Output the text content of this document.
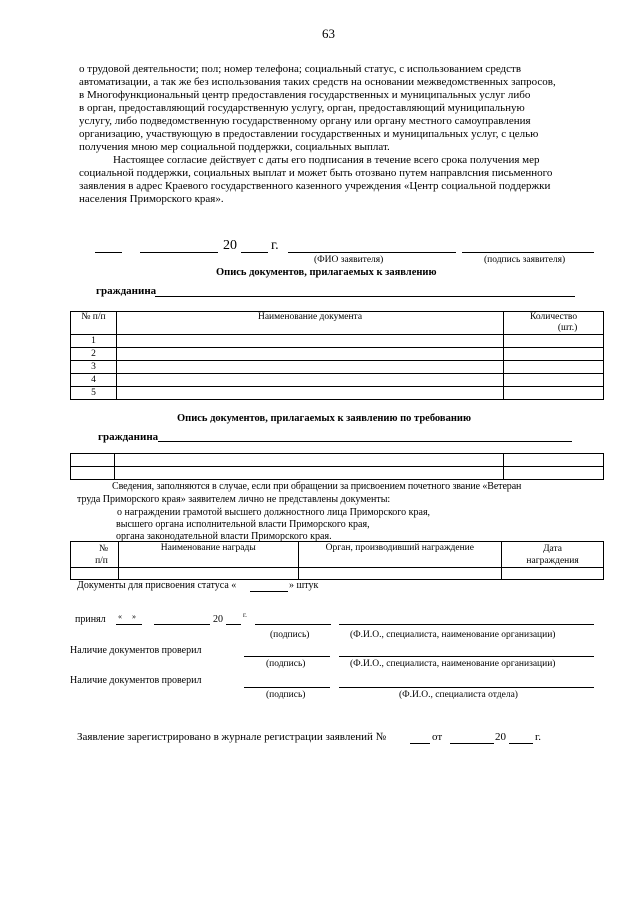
63
о трудовой деятельности; пол; номер телефона; социальный статус, с использованием средств
автоматизации, а так же без использования таких средств на основании межведомственных запросов,
в Многофункциональный центр предоставления государственных и муниципальных услуг либо
в орган, предоставляющий государственную услугу, орган, предоставляющий муниципальную
услугу, либо подведомственную государственному органу или органу местного самоуправления
организацию, участвующую в предоставлении государственных и муниципальных услуг, с целью
получения мною мер социальной поддержки, социальных выплат.
Настоящее согласие действует с даты его подписания в течение всего срока получения мер
социальной поддержки, социальных выплат и может быть отозвано путем направлсния письменного
заявления в адрес Краевого государственного казенного учреждения «Центр социальной поддержки
населения Приморского края».
20 г.
(ФИО заявителя)	(подпись заявителя)
Опись документов, прилагаемых к заявлению
гражданина
№ п/п	Наименование документа	Количество
(шт.)
1		
2		
3		
4		
5		
Опись документов, прилагаемых к заявлению по требованию
гражданина

Сведения, заполняются в случае, если при обращении за присвоением почетного звание «Ветеран
труда Приморского края» заявителем лично не представлены документы:
о награждении грамотой высшего должностного лица Приморского края,
высшего органа исполнительной власти Приморского края,
органа законодательной власти Приморского края.
№
п/п	Наименование награды	Орган, производивший награждение	Дата
награждения

Документы для присвоения статуса «	» штук
принял « »	20	г.
(подпись)	(Ф.И.О., специалиста, наименование организации)
Наличие документов проверил
(подпись)	(Ф.И.О., специалиста, наименование организации)
Наличие документов проверил
(подпись)	(Ф.И.О., специалиста отдела)
Заявление зарегистрировано в журнале регистрации заявлений №	от	20	г.
